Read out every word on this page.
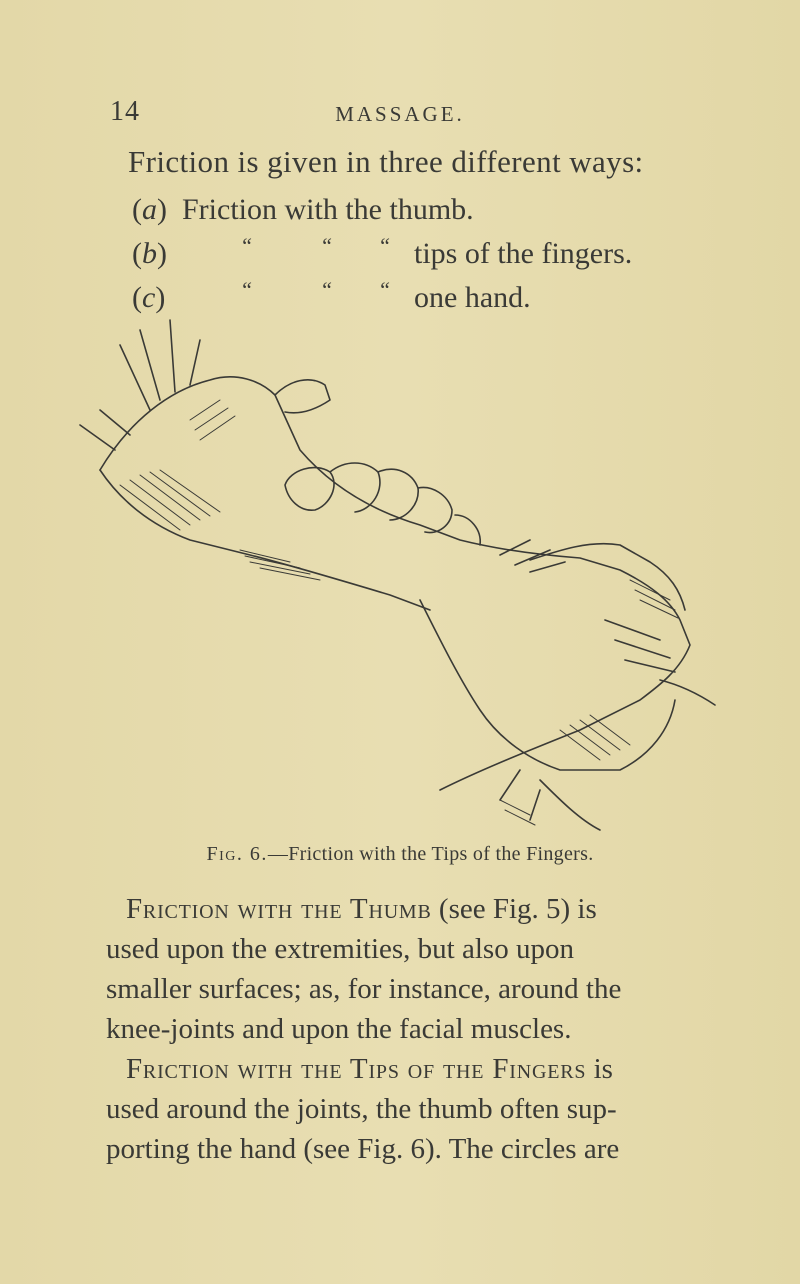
14	MASSAGE.
Friction is given in three different ways:
(a) Friction with the thumb.
(b)	“	“ “ tips of the fingers.
(c)	“	“ “ one hand.
Fig. 6.—Friction with the Tips of the Fingers.
Friction with the Thumb (see Fig. 5) is
used upon the extremities, but also upon
smaller surfaces; as, for instance, around the
knee-joints and upon the facial muscles.
Friction with the Tips of the Fingers is
used around the joints, the thumb often sup-
porting the hand (see Fig. 6). The circles are
